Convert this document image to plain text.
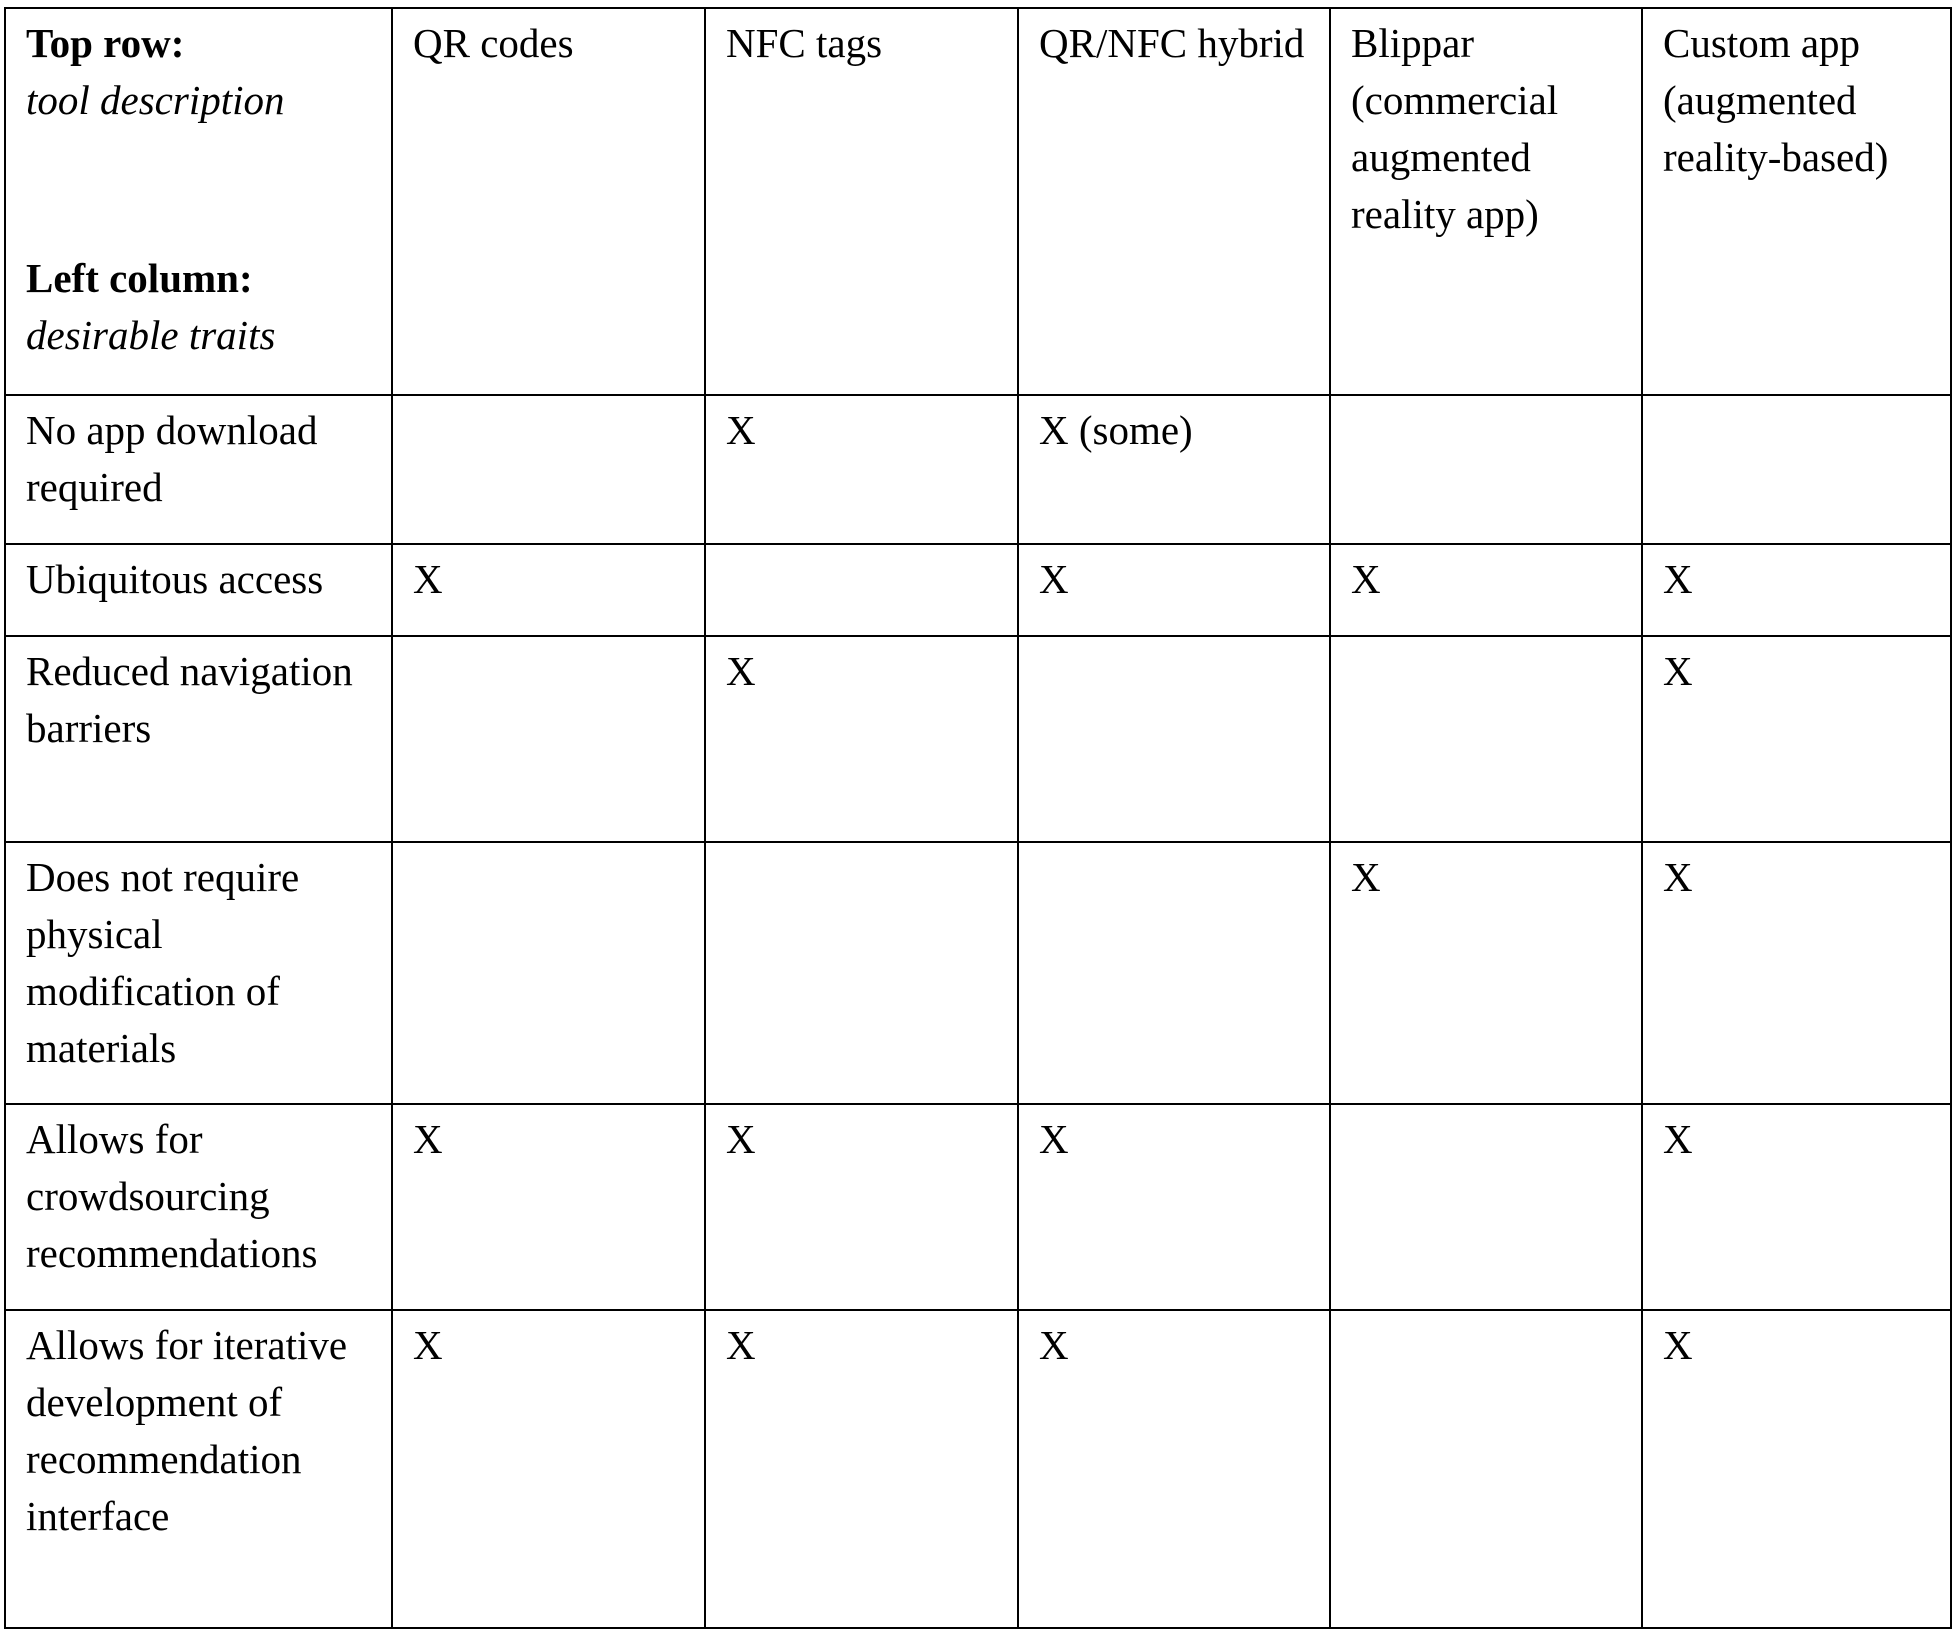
Top row:
tool description
Left column:
desirable traits	QR codes	NFC tags	QR/NFC hybrid	Blippar (commercial augmented reality app)	Custom app (augmented reality-based)
No app download required		X	X (some)		
Ubiquitous access	X		X	X	X
Reduced navigation barriers		X			X
Does not require physical modification of materials				X	X
Allows for crowdsourcing recommendations	X	X	X		X
Allows for iterative development of recommendation interface	X	X	X		X
